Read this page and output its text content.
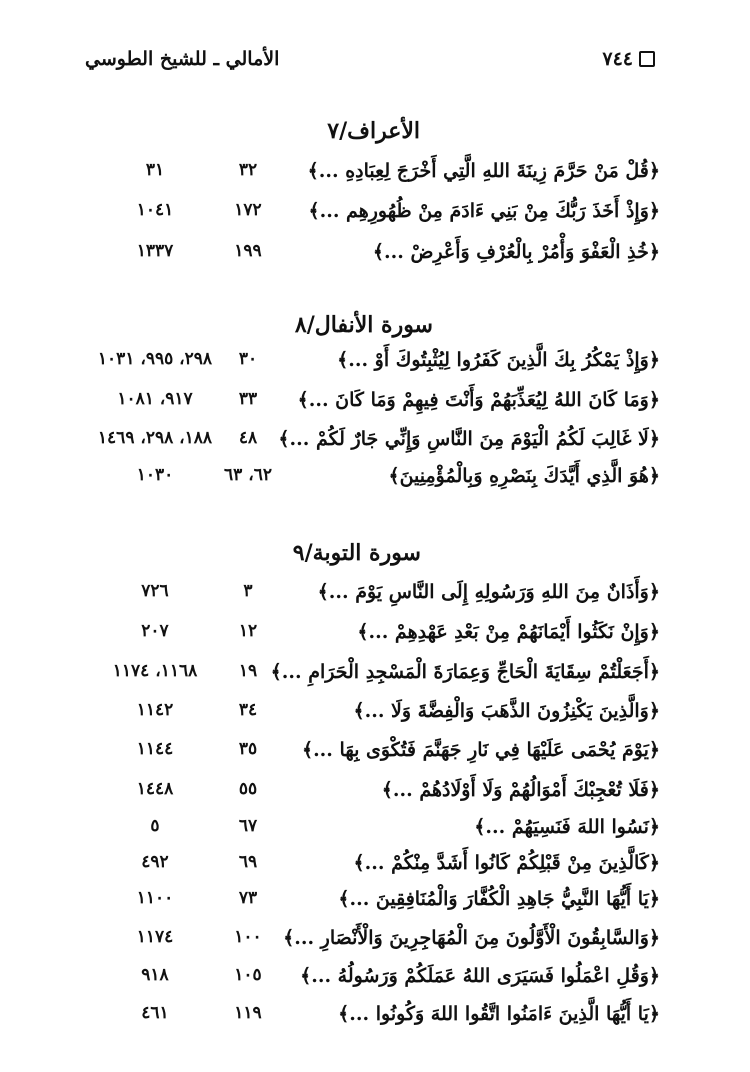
٧٤٤
الأمالي ـ للشيخ الطوسي
الأعراف/٧
﴿قُلْ مَنْ حَرَّمَ زِينَةَ اللهِ الَّتِي أَخْرَجَ لِعِبَادِهِ ...﴾
٣٢
٣١
﴿وَإِذْ أَخَذَ رَبُّكَ مِنْ بَنِي ءَادَمَ مِنْ ظُهُورِهِم ...﴾
١٧٢
١٠٤١
﴿خُذِ الْعَفْوَ وَأْمُرْ بِالْعُرْفِ وَأَعْرِضْ ...﴾
١٩٩
١٣٣٧
سورة الأنفال/٨
﴿وَإِذْ يَمْكُرُ بِكَ الَّذِينَ كَفَرُوا لِيُثْبِتُوكَ أَوْ ...﴾
٣٠
٢٩٨، ٩٩٥، ١٠٣١
﴿وَمَا كَانَ اللهُ لِيُعَذِّبَهُمْ وَأَنْتَ فِيهِمْ وَمَا كَانَ ...﴾
٣٣
٩١٧، ١٠٨١
﴿لَا غَالِبَ لَكُمُ الْيَوْمَ مِنَ النَّاسِ وَإِنِّي جَارٌ لَكُمْ ...﴾
٤٨
١٨٨، ٢٩٨، ١٤٦٩
﴿هُوَ الَّذِي أَيَّدَكَ بِنَصْرِهِ وَبِالْمُؤْمِنِينَ﴾
٦٢، ٦٣
١٠٣٠
سورة التوبة/٩
﴿وَأَذَانٌ مِنَ اللهِ وَرَسُولِهِ إِلَى النَّاسِ يَوْمَ ...﴾
٣
٧٢٦
﴿وَإِنْ نَكَثُوا أَيْمَانَهُمْ مِنْ بَعْدِ عَهْدِهِمْ ...﴾
١٢
٢٠٧
﴿أَجَعَلْتُمْ سِقَايَةَ الْحَاجِّ وَعِمَارَةَ الْمَسْجِدِ الْحَرَامِ ...﴾
١٩
١١٦٨، ١١٧٤
﴿وَالَّذِينَ يَكْنِزُونَ الذَّهَبَ وَالْفِضَّةَ وَلَا ...﴾
٣٤
١١٤٢
﴿يَوْمَ يُحْمَى عَلَيْهَا فِي نَارِ جَهَنَّمَ فَتُكْوَى بِهَا ...﴾
٣٥
١١٤٤
﴿فَلَا تُعْجِبْكَ أَمْوَالُهُمْ وَلَا أَوْلَادُهُمْ ...﴾
٥٥
١٤٤٨
﴿نَسُوا اللهَ فَنَسِيَهُمْ ...﴾
٦٧
٥
﴿كَالَّذِينَ مِنْ قَبْلِكُمْ كَانُوا أَشَدَّ مِنْكُمْ ...﴾
٦٩
٤٩٢
﴿يَا أَيُّهَا النَّبِيُّ جَاهِدِ الْكُفَّارَ وَالْمُنَافِقِينَ ...﴾
٧٣
١١٠٠
﴿وَالسَّابِقُونَ الْأَوَّلُونَ مِنَ الْمُهَاجِرِينَ وَالْأَنْصَارِ ...﴾
١٠٠
١١٧٤
﴿وَقُلِ اعْمَلُوا فَسَيَرَى اللهُ عَمَلَكُمْ وَرَسُولُهُ ...﴾
١٠٥
٩١٨
﴿يَا أَيُّهَا الَّذِينَ ءَامَنُوا اتَّقُوا اللهَ وَكُونُوا ...﴾
١١٩
٤٦١
